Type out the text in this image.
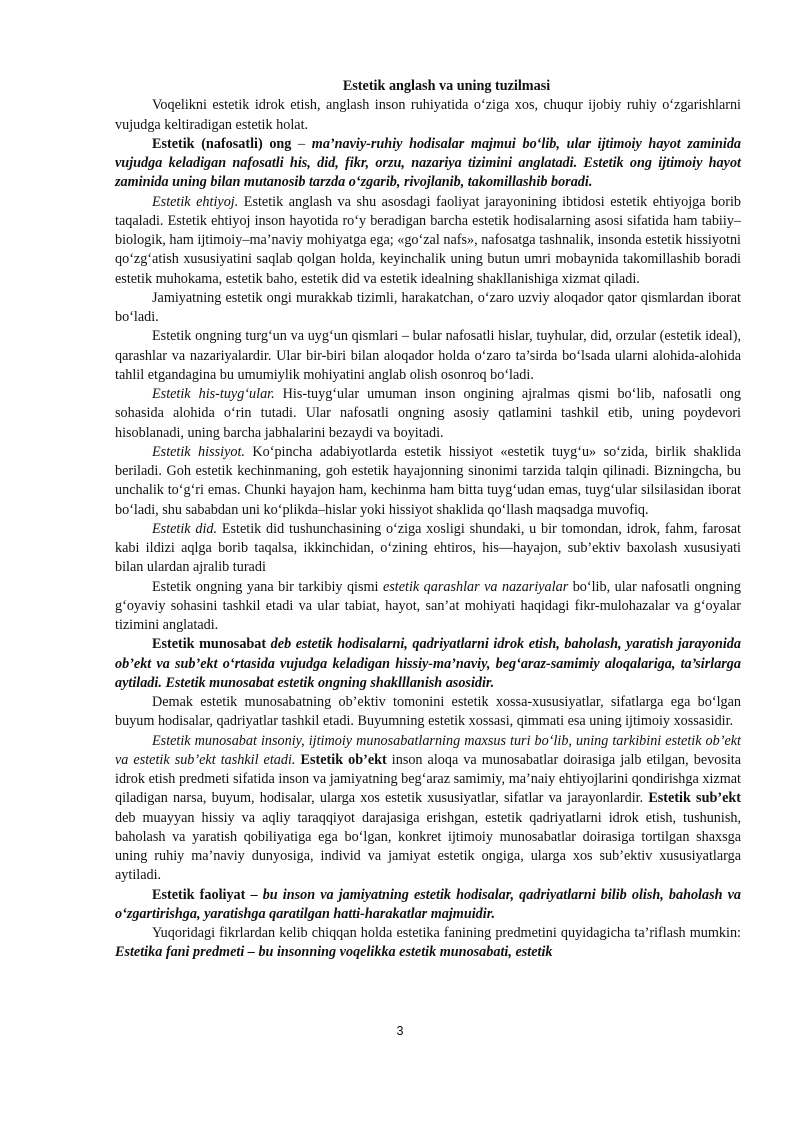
Estetik anglash va uning tuzilmasi

Voqelikni estetik idrok etish, anglash inson ruhiyatida o‘ziga xos, chuqur ijobiy ruhiy o‘zgarishlarni vujudga keltiradigan estetik holat.

Estetik (nafosatli) ong – ma’naviy-ruhiy hodisalar majmui bo‘lib, ular ijtimoiy hayot zaminida vujudga keladigan nafosatli his, did, fikr, orzu, nazariya tizimini anglatadi. Estetik ong ijtimoiy hayot zaminida uning bilan mutanosib tarzda o‘zgarib, rivojlanib, takomillashib boradi.

Estetik ehtiyoj. Estetik anglash va shu asosdagi faoliyat jarayonining ibtidosi estetik ehtiyojga borib taqaladi. Estetik ehtiyoj inson hayotida ro‘y beradigan barcha estetik hodisalarning asosi sifatida ham tabiiy–biologik, ham ijtimoiy–ma’naviy mohiyatga ega; «go‘zal nafs», nafosatga tashnalik, insonda estetik hissiyotni qo‘zg‘atish xususiyatini saqlab qolgan holda, keyinchalik uning butun umri mobaynida takomillashib boradi estetik muhokama, estetik baho, estetik did va estetik idealning shakllanishiga xizmat qiladi.

Jamiyatning estetik ongi murakkab tizimli, harakatchan, o‘zaro uzviy aloqador qator qismlardan iborat bo‘ladi.

Estetik ongning turg‘un va uyg‘un qismlari – bular nafosatli hislar, tuyhular, did, orzular (estetik ideal), qarashlar va nazariyalardir. Ular bir-biri bilan aloqador holda o‘zaro ta’sirda bo‘lsada ularni alohida-alohida tahlil etgandagina bu umumiylik mohiyatini anglab olish osonroq bo‘ladi.

Estetik his-tuyg‘ular. His-tuyg‘ular umuman inson ongining ajralmas qismi bo‘lib, nafosatli ong sohasida alohida o‘rin tutadi. Ular nafosatli ongning asosiy qatlamini tashkil etib, uning poydevori hisoblanadi, uning barcha jabhalarini bezaydi va boyitadi.

Estetik hissiyot. Ko‘pincha adabiyotlarda estetik hissiyot «estetik tuyg‘u» so‘zida, birlik shaklida beriladi. Goh estetik kechinmaning, goh estetik hayajonning sinonimi tarzida talqin qilinadi. Bizningcha, bu unchalik to‘g‘ri emas. Chunki hayajon ham, kechinma ham bitta tuyg‘udan emas, tuyg‘ular silsilasidan iborat bo‘ladi, shu sababdan uni ko‘plikda–hislar yoki hissiyot shaklida qo‘llash maqsadga muvofiq.

Estetik did. Estetik did tushunchasining o‘ziga xosligi shundaki, u bir tomondan, idrok, fahm, farosat kabi ildizi aqlga borib taqalsa, ikkinchidan, o‘zining ehtiros, his—hayajon, sub’ektiv baxolash xususiyati bilan ulardan ajralib turadi

Estetik ongning yana bir tarkibiy qismi estetik qarashlar va nazariyalar bo‘lib, ular nafosatli ongning g‘oyaviy sohasini tashkil etadi va ular tabiat, hayot, san’at mohiyati haqidagi fikr-mulohazalar va g‘oyalar tizimini anglatadi.

Estetik munosabat deb estetik hodisalarni, qadriyatlarni idrok etish, baholash, yaratish jarayonida ob’ekt va sub’ekt o‘rtasida vujudga keladigan hissiy-ma’naviy, beg‘araz-samimiy aloqalariga, ta’sirlarga aytiladi. Estetik munosabat estetik ongning shaklllanish asosidir.

Demak estetik munosabatning ob’ektiv tomonini estetik xossa-xususiyatlar, sifatlarga ega bo‘lgan buyum hodisalar, qadriyatlar tashkil etadi. Buyumning estetik xossasi, qimmati esa uning ijtimoiy xossasidir.

Estetik munosabat insoniy, ijtimoiy munosabatlarning maxsus turi bo‘lib, uning tarkibini estetik ob’ekt va estetik sub’ekt tashkil etadi. Estetik ob’ekt inson aloqa va munosabatlar doirasiga jalb etilgan, bevosita idrok etish predmeti sifatida inson va jamiyatning beg‘araz samimiy, ma’naiy ehtiyojlarini qondirishga xizmat qiladigan narsa, buyum, hodisalar, ularga xos estetik xususiyatlar, sifatlar va jarayonlardir. Estetik sub’ekt deb muayyan hissiy va aqliy taraqqiyot darajasiga erishgan, estetik qadriyatlarni idrok etish, tushunish, baholash va yaratish qobiliyatiga ega bo‘lgan, konkret ijtimoiy munosabatlar doirasiga tortilgan shaxsga uning ruhiy ma’naviy dunyosiga, individ va jamiyat estetik ongiga, ularga xos sub’ektiv xususiyatlarga aytiladi.

Estetik faoliyat – bu inson va jamiyatning estetik hodisalar, qadriyatlarni bilib olish, baholash va o‘zgartirishga, yaratishga qaratilgan hatti-harakatlar majmuidir.

Yuqoridagi fikrlardan kelib chiqqan holda estetika fanining predmetini quyidagicha ta’riflash mumkin: Estetika fani predmeti – bu insonning voqelikka estetik munosabati, estetik

3
